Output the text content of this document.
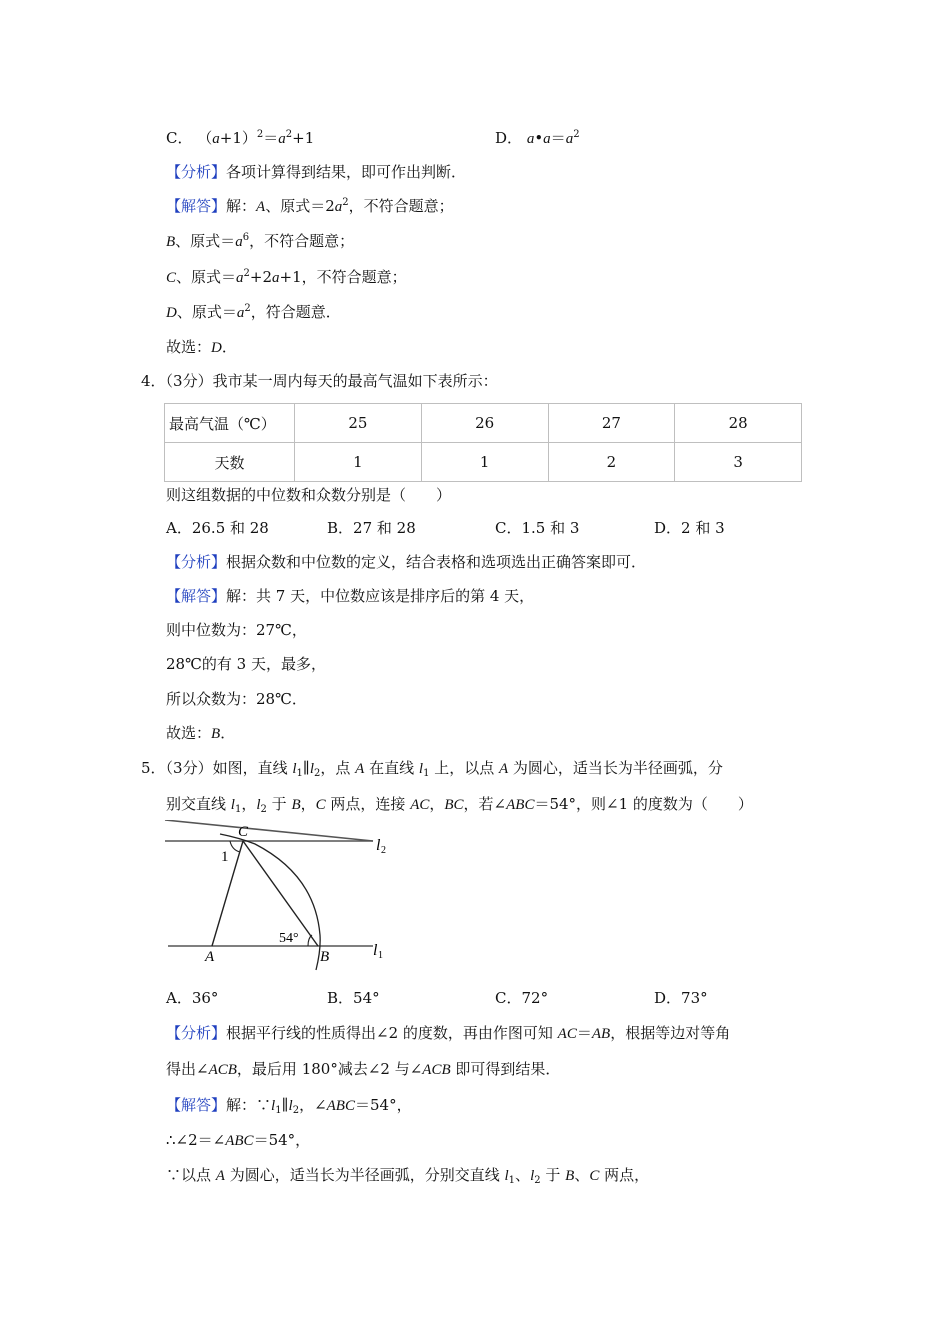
C． $(a+1)^2=a^2+1$	D． $a•a=a^2$
【分析】各项计算得到结果，即可作出判断．
【解答】解：A、原式$=2a^2$，不符合题意；
B、原式$=a^6$，不符合题意；
C、原式$=a^2+2a+1$，不符合题意；
D、原式$=a^2$，符合题意．
故选：D．
4．（3分）我市某一周内每天的最高气温如下表所示：
最高气温（℃）	25	26	27	28
天数	1	1	2	3
则这组数据的中位数和众数分别是（　　）
A．26.5 和 28	B．27 和 28	C．1.5 和 3	D．2 和 3
【分析】根据众数和中位数的定义，结合表格和选项选出正确答案即可．
【解答】解：共 7 天，中位数应该是排序后的第 4 天，
则中位数为：27℃，
28℃的有 3 天，最多，
所以众数为：28℃．
故选：B．
5．（3分）如图，直线 $l_1\parallel l_2$，点 A 在直线 $l_1$ 上，以点 A 为圆心，适当长为半径画弧，分
别交直线 $l_1$，$l_2$ 于 B，C 两点，连接 AC，BC，若∠ABC＝54°，则∠1 的度数为（　　）
C
1
l 2
54°
A	B	l 1
A．36°	B．54°	C．72°	D．73°
【分析】根据平行线的性质得出∠2 的度数，再由作图可知 AC＝AB，根据等边对等角
得出∠ACB，最后用 180°减去∠2 与∠ACB 即可得到结果．
【解答】解：$\because l_1\parallel l_2$，∠ABC＝54°，
∴∠2＝∠ABC＝54°，
∵以点 A 为圆心，适当长为半径画弧，分别交直线 $l_1$、$l_2$ 于 B、C 两点，
